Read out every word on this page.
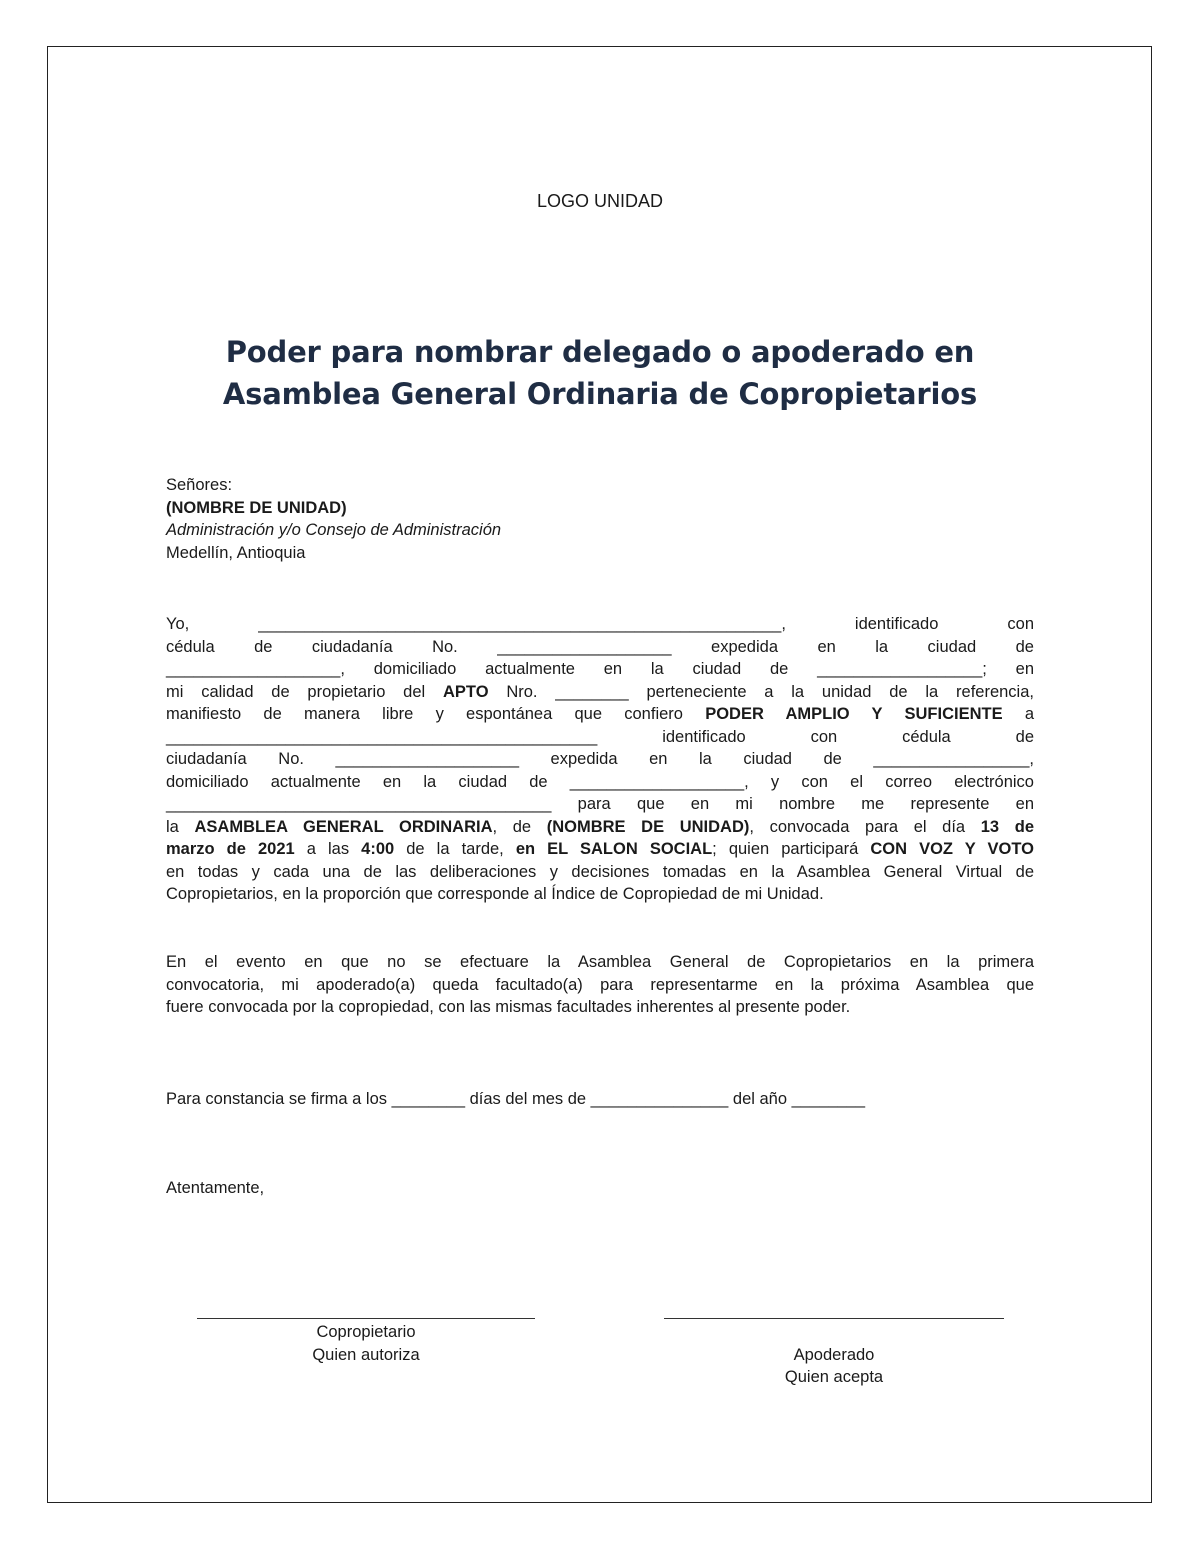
LOGO UNIDAD
Poder para nombrar delegado o apoderado en
Asamblea General Ordinaria de Copropietarios
Señores:
(NOMBRE DE UNIDAD)
Administración y/o Consejo de Administración
Medellín, Antioquia
Yo, _________________________________________________________, identificado con
cédula de ciudadanía No. ___________________ expedida en la ciudad de
___________________, domiciliado actualmente en la ciudad de __________________; en
mi calidad de propietario del APTO Nro. ________ perteneciente a la unidad de la referencia,
manifiesto de manera libre y espontánea que confiero PODER AMPLIO Y SUFICIENTE a
_______________________________________________ identificado con cédula de
ciudadanía No. ____________________ expedida en la ciudad de _________________,
domiciliado actualmente en la ciudad de ___________________, y con el correo electrónico
__________________________________________ para que en mi nombre me represente en
la ASAMBLEA GENERAL ORDINARIA, de (NOMBRE DE UNIDAD), convocada para el día 13 de
marzo de 2021 a las 4:00 de la tarde, en EL SALON SOCIAL; quien participará CON VOZ Y VOTO
en todas y cada una de las deliberaciones y decisiones tomadas en la Asamblea General Virtual de
Copropietarios, en la proporción que corresponde al Índice de Copropiedad de mi Unidad.
En el evento en que no se efectuare la Asamblea General de Copropietarios en la primera
convocatoria, mi apoderado(a) queda facultado(a) para representarme en la próxima Asamblea que
fuere convocada por la copropiedad, con las mismas facultades inherentes al presente poder.
Para constancia se firma a los ________ días del mes de _______________ del año ________
Atentamente,
Copropietario
Quien autoriza	Apoderado
Quien acepta
